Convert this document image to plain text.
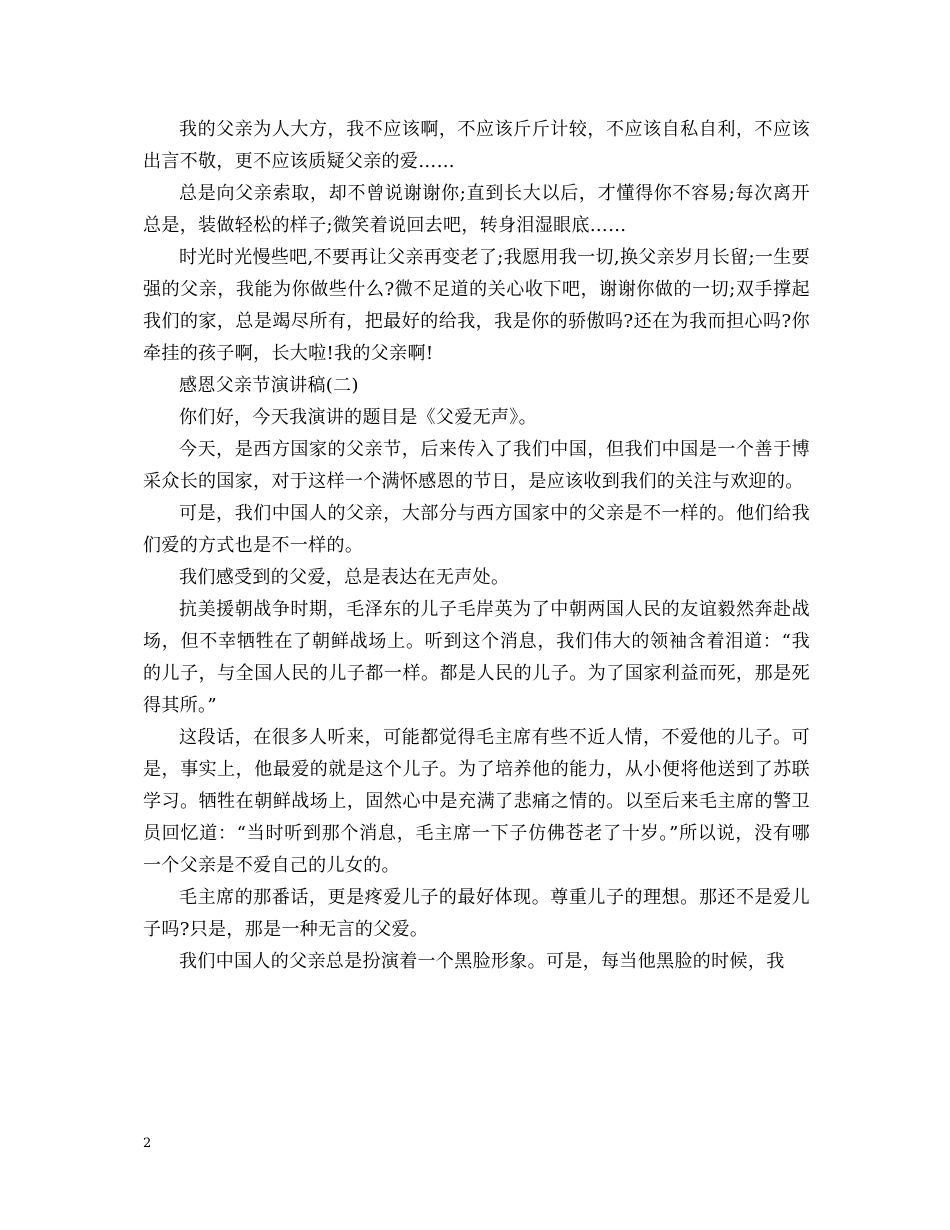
我的父亲为人大方，我不应该啊，不应该斤斤计较，不应该自私自利，不应该出言不敬，更不应该质疑父亲的爱……

总是向父亲索取，却不曾说谢谢你;直到长大以后，才懂得你不容易;每次离开总是，装做轻松的样子;微笑着说回去吧，转身泪湿眼底……

时光时光慢些吧,不要再让父亲再变老了;我愿用我一切,换父亲岁月长留;一生要强的父亲，我能为你做些什么?微不足道的关心收下吧，谢谢你做的一切;双手撑起我们的家，总是竭尽所有，把最好的给我，我是你的骄傲吗?还在为我而担心吗?你牵挂的孩子啊，长大啦!我的父亲啊!

感恩父亲节演讲稿(二)

你们好，今天我演讲的题目是《父爱无声》。

今天，是西方国家的父亲节，后来传入了我们中国，但我们中国是一个善于博采众长的国家，对于这样一个满怀感恩的节日，是应该收到我们的关注与欢迎的。

可是，我们中国人的父亲，大部分与西方国家中的父亲是不一样的。他们给我们爱的方式也是不一样的。

我们感受到的父爱，总是表达在无声处。

抗美援朝战争时期，毛泽东的儿子毛岸英为了中朝两国人民的友谊毅然奔赴战场，但不幸牺牲在了朝鲜战场上。听到这个消息，我们伟大的领袖含着泪道：“我的儿子，与全国人民的儿子都一样。都是人民的儿子。为了国家利益而死，那是死得其所。”

这段话，在很多人听来，可能都觉得毛主席有些不近人情，不爱他的儿子。可是，事实上，他最爱的就是这个儿子。为了培养他的能力，从小便将他送到了苏联学习。牺牲在朝鲜战场上，固然心中是充满了悲痛之情的。以至后来毛主席的警卫员回忆道：“当时听到那个消息，毛主席一下子仿佛苍老了十岁。”所以说，没有哪一个父亲是不爱自己的儿女的。

毛主席的那番话，更是疼爱儿子的最好体现。尊重儿子的理想。那还不是爱儿子吗?只是，那是一种无言的父爱。

我们中国人的父亲总是扮演着一个黑脸形象。可是，每当他黑脸的时候，我

2
